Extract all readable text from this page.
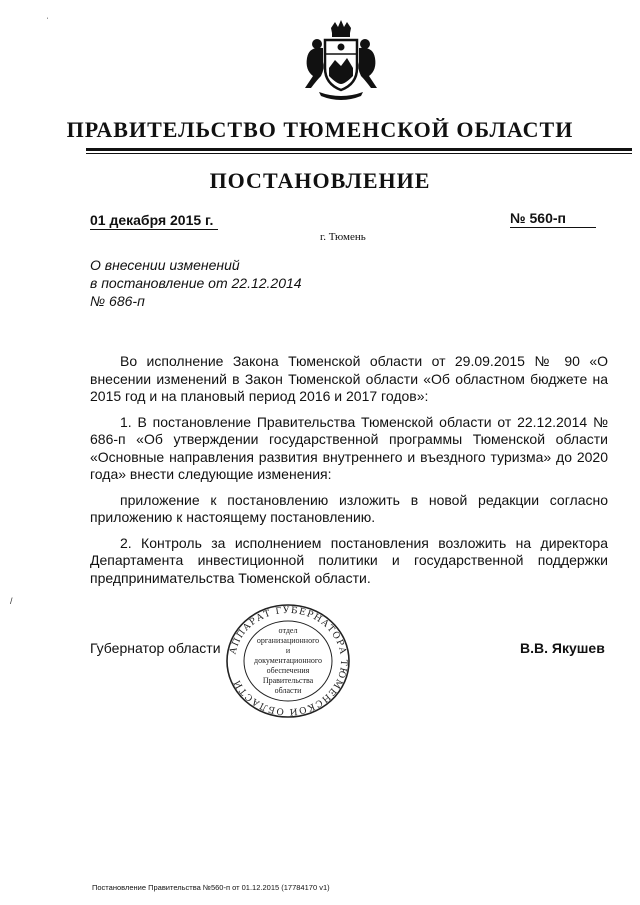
ПРАВИТЕЛЬСТВО ТЮМЕНСКОЙ ОБЛАСТИ
ПОСТАНОВЛЕНИЕ
01 декабря 2015 г.	№ 560-п
г. Тюмень
О внесении изменений
в постановление от 22.12.2014
№ 686-п

Во исполнение Закона Тюменской области от 29.09.2015 № 90 «О внесении изменений в Закон Тюменской области «Об областном бюджете на 2015 год и на плановый период 2016 и 2017 годов»:

1. В постановление Правительства Тюменской области от 22.12.2014 № 686-п «Об утверждении государственной программы Тюменской области «Основные направления развития внутреннего и въездного туризма» до 2020 года» внести следующие изменения:

приложение к постановлению изложить в новой редакции согласно приложению к настоящему постановлению.

2. Контроль за исполнением постановления возложить на директора Департамента инвестиционной политики и государственной поддержки предпринимательства Тюменской области.

Губернатор области	В.В. Якушев
АППАРАТ ГУБЕРНАТОРА ТЮМЕНСКОЙ ОБЛАСТИ
отдел
организационного
и
документационного
обеспечения
Правительства
области
Постановление Правительства №560-п от 01.12.2015 (17784170 v1)
ˈ
/
